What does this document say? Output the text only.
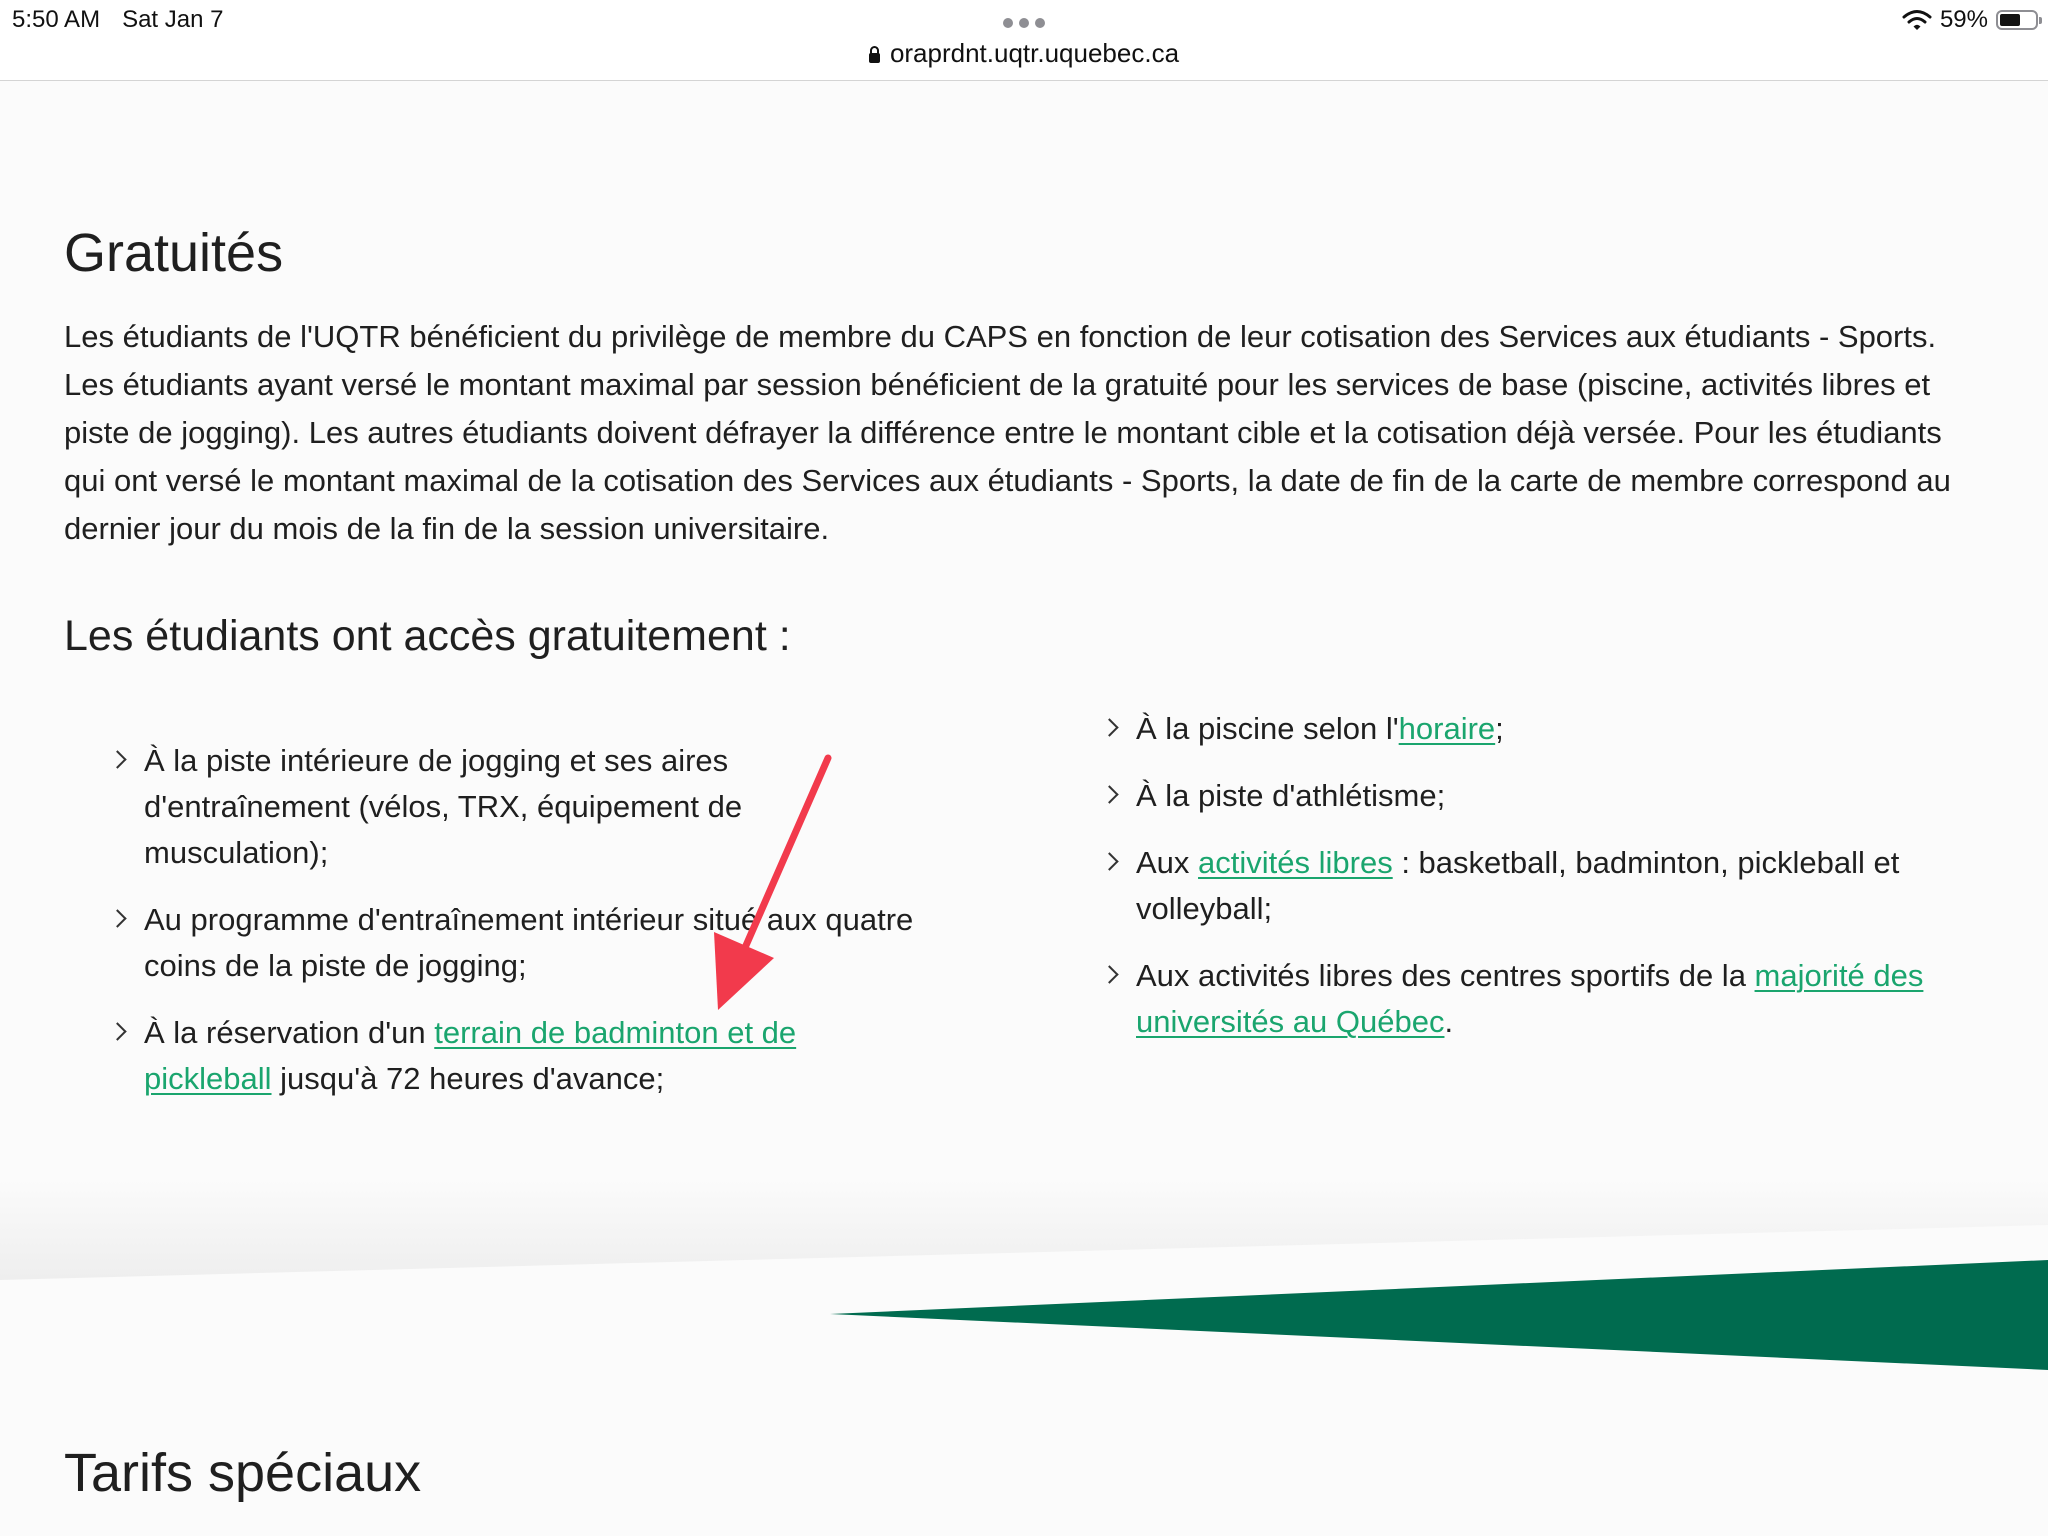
5:50 AM Sat Jan 7
oraprdnt.uqtr.uquebec.ca
59%
Gratuités

Les étudiants de l'UQTR bénéficient du privilège de membre du CAPS en fonction de leur cotisation des Services aux étudiants - Sports. Les étudiants ayant versé le montant maximal par session bénéficient de la gratuité pour les services de base (piscine, activités libres et piste de jogging). Les autres étudiants doivent défrayer la différence entre le montant cible et la cotisation déjà versée. Pour les étudiants qui ont versé le montant maximal de la cotisation des Services aux étudiants - Sports, la date de fin de la carte de membre correspond au dernier jour du mois de la fin de la session universitaire.

Les étudiants ont accès gratuitement :
À la piste intérieure de jogging et ses aires d'entraînement (vélos, TRX, équipement de musculation);
Au programme d'entraînement intérieur situé aux quatre coins de la piste de jogging;
À la réservation d'un terrain de badminton et de pickleball jusqu'à 72 heures d'avance;
À la piscine selon l'horaire;
À la piste d'athlétisme;
Aux activités libres : basketball, badminton, pickleball et volleyball;
Aux activités libres des centres sportifs de la majorité des universités au Québec.
Tarifs spéciaux
